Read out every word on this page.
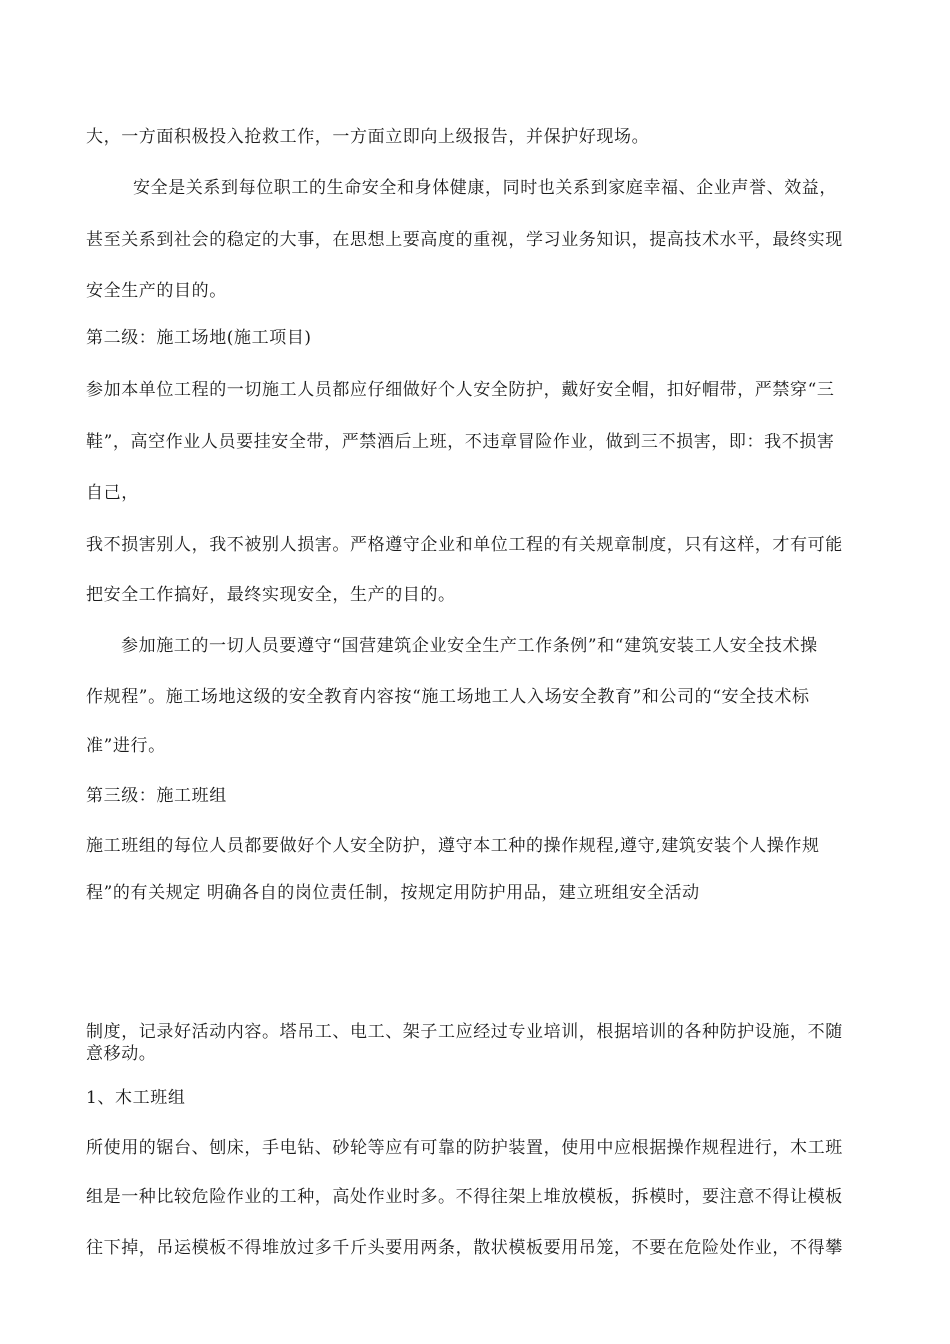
大，一方面积极投入抢救工作，一方面立即向上级报告，并保护好现场。

安全是关系到每位职工的生命安全和身体健康，同时也关系到家庭幸福、企业声誉、效益，

甚至关系到社会的稳定的大事，在思想上要高度的重视，学习业务知识，提高技术水平，最终实现

安全生产的目的。

第二级：施工场地(施工项目)

参加本单位工程的一切施工人员都应仔细做好个人安全防护，戴好安全帽，扣好帽带，严禁穿“三

鞋”，高空作业人员要挂安全带，严禁酒后上班，不违章冒险作业，做到三不损害，即：我不损害

自己，

我不损害别人，我不被别人损害。严格遵守企业和单位工程的有关规章制度，只有这样，才有可能

把安全工作搞好，最终实现安全，生产的目的。

参加施工的一切人员要遵守“国营建筑企业安全生产工作条例”和“建筑安装工人安全技术操

作规程”。施工场地这级的安全教育内容按“施工场地工人入场安全教育”和公司的“安全技术标

准”进行。

第三级：施工班组

施工班组的每位人员都要做好个人安全防护，遵守本工种的操作规程,遵守,建筑安装个人操作规

程”的有关规定 明确各自的岗位责任制，按规定用防护用品，建立班组安全活动

制度，记录好活动内容。塔吊工、电工、架子工应经过专业培训，根据培训的各种防护设施，不随

意移动。

1、木工班组

所使用的锯台、刨床，手电钻、砂轮等应有可靠的防护装置，使用中应根据操作规程进行，木工班

组是一种比较危险作业的工种，高处作业时多。不得往架上堆放模板，拆模时，要注意不得让模板

往下掉，吊运模板不得堆放过多千斤头要用两条，散状模板要用吊笼，不要在危险处作业，不得攀
